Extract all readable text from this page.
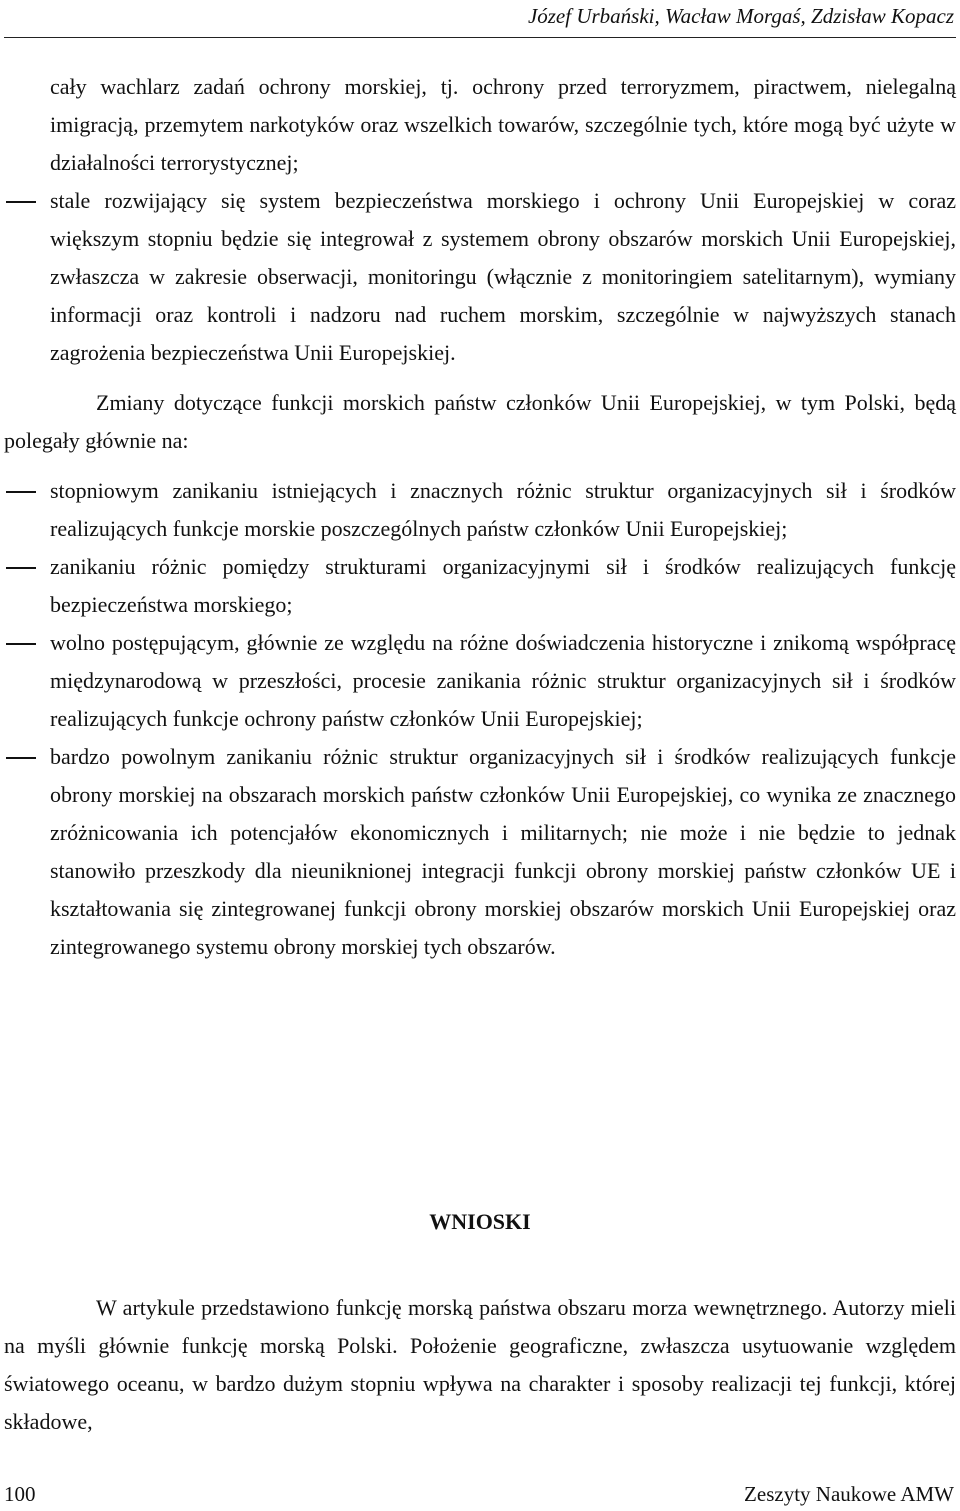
Józef Urbański, Wacław Morgaś, Zdzisław Kopacz
cały wachlarz zadań ochrony morskiej, tj. ochrony przed terroryzmem, piractwem, nielegalną imigracją, przemytem narkotyków oraz wszelkich towarów, szczególnie tych, które mogą być użyte w działalności terrorystycznej;
stale rozwijający się system bezpieczeństwa morskiego i ochrony Unii Europejskiej w coraz większym stopniu będzie się integrował z systemem obrony obszarów morskich Unii Europejskiej, zwłaszcza w zakresie obserwacji, monitoringu (włącznie z monitoringiem satelitarnym), wymiany informacji oraz kontroli i nadzoru nad ruchem morskim, szczególnie w najwyższych stanach zagrożenia bezpieczeństwa Unii Europejskiej.
Zmiany dotyczące funkcji morskich państw członków Unii Europejskiej, w tym Polski, będą polegały głównie na:
stopniowym zanikaniu istniejących i znacznych różnic struktur organizacyjnych sił i środków realizujących funkcje morskie poszczególnych państw członków Unii Europejskiej;
zanikaniu różnic pomiędzy strukturami organizacyjnymi sił i środków realizujących funkcję bezpieczeństwa morskiego;
wolno postępującym, głównie ze względu na różne doświadczenia historyczne i znikomą współpracę międzynarodową w przeszłości, procesie zanikania różnic struktur organizacyjnych sił i środków realizujących funkcje ochrony państw członków Unii Europejskiej;
bardzo powolnym zanikaniu różnic struktur organizacyjnych sił i środków realizujących funkcje obrony morskiej na obszarach morskich państw członków Unii Europejskiej, co wynika ze znacznego zróżnicowania ich potencjałów ekonomicznych i militarnych; nie może i nie będzie to jednak stanowiło przeszkody dla nieuniknionej integracji funkcji obrony morskiej państw członków UE i kształtowania się zintegrowanej funkcji obrony morskiej obszarów morskich Unii Europejskiej oraz zintegrowanego systemu obrony morskiej tych obszarów.
WNIOSKI
W artykule przedstawiono funkcję morską państwa obszaru morza wewnętrznego. Autorzy mieli na myśli głównie funkcję morską Polski. Położenie geograficzne, zwłaszcza usytuowanie względem światowego oceanu, w bardzo dużym stopniu wpływa na charakter i sposoby realizacji tej funkcji, której składowe,
100	Zeszyty Naukowe AMW
